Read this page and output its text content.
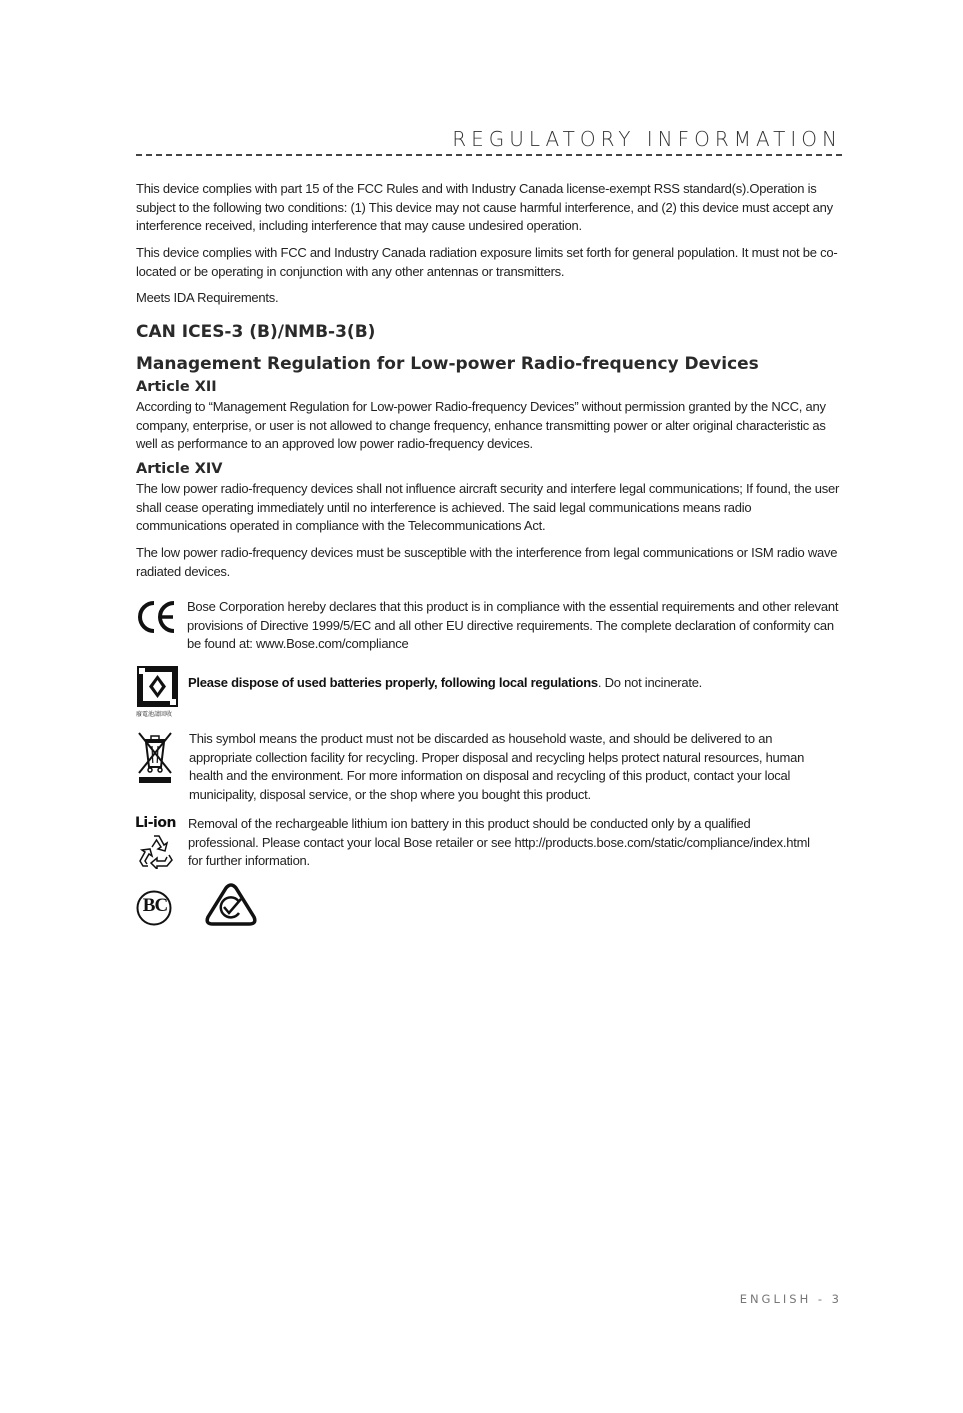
REGULATORY INFORMATION

This device complies with part 15 of the FCC Rules and with Industry Canada license-exempt RSS standard(s).Operation is subject to the following two conditions: (1) This device may not cause harmful interference, and (2) this device must accept any interference received, including interference that may cause undesired operation.

This device complies with FCC and Industry Canada radiation exposure limits set forth for general population. It must not be co-located or be operating in conjunction with any other antennas or transmitters.

Meets IDA Requirements.

CAN ICES-3 (B)/NMB-3(B)
Management Regulation for Low-power Radio-frequency Devices
Article XII

According to “Management Regulation for Low-power Radio-frequency Devices” without permission granted by the NCC, any company, enterprise, or user is not allowed to change frequency, enhance transmitting power or alter original characteristic as well as performance to an approved low power radio-frequency devices.

Article XIV

The low power radio-frequency devices shall not influence aircraft security and interfere legal communications; If found, the user shall cease operating immediately until no interference is achieved. The said legal communications means radio communications operated in compliance with the Telecommunications Act.

The low power radio-frequency devices must be susceptible with the interference from legal communications or ISM radio wave radiated devices.

Bose Corporation hereby declares that this product is in compliance with the essential requirements and other relevant provisions of Directive 1999/5/EC and all other EU directive requirements. The complete declaration of conformity can be found at: www.Bose.com/compliance

廢電池請回收

Please dispose of used batteries properly, following local regulations. Do not incinerate.

This symbol means the product must not be discarded as household waste, and should be delivered to an appropriate collection facility for recycling. Proper disposal and recycling helps protect natural resources, human health and the environment. For more information on disposal and recycling of this product, contact your local municipality, disposal service, or the shop where you bought this product.

Li-ion Removal of the rechargeable lithium ion battery in this product should be conducted only by a qualified professional. Please contact your local Bose retailer or see http://products.bose.com/static/compliance/index.html for further information.

BC
ENGLISH - 3
